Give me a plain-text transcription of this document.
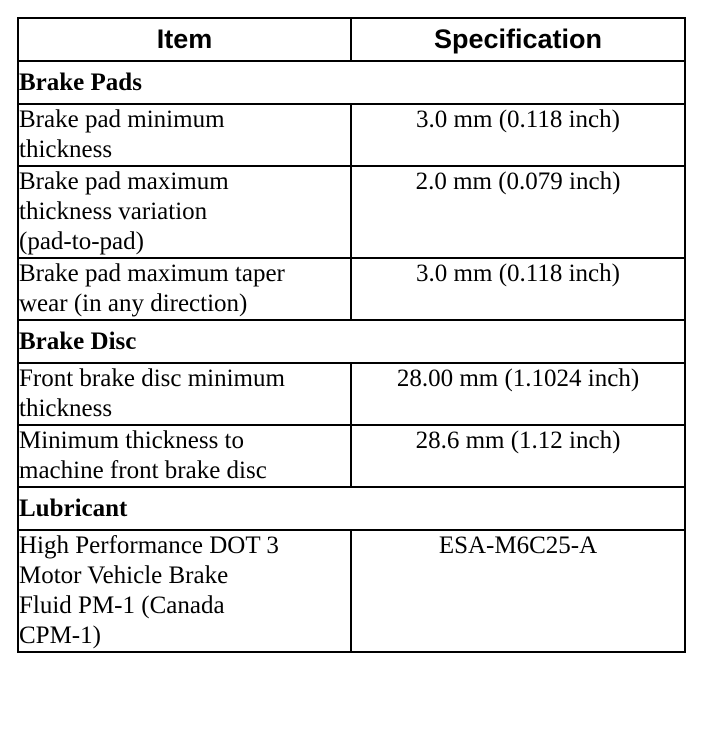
Item	Specification
Brake Pads	

Brake pad minimum
thickness	3.0 mm (0.118 inch)

Brake pad maximum
thickness variation
(pad-to-pad)	2.0 mm (0.079 inch)

Brake pad maximum taper
wear (in any direction)	3.0 mm (0.118 inch)
Brake Disc	

Front brake disc minimum
thickness	28.00 mm (1.1024 inch)

Minimum thickness to
machine front brake disc	28.6 mm (1.12 inch)
Lubricant	

High Performance DOT 3
Motor Vehicle Brake
Fluid PM-1 (Canada
CPM-1)	ESA-M6C25-A
